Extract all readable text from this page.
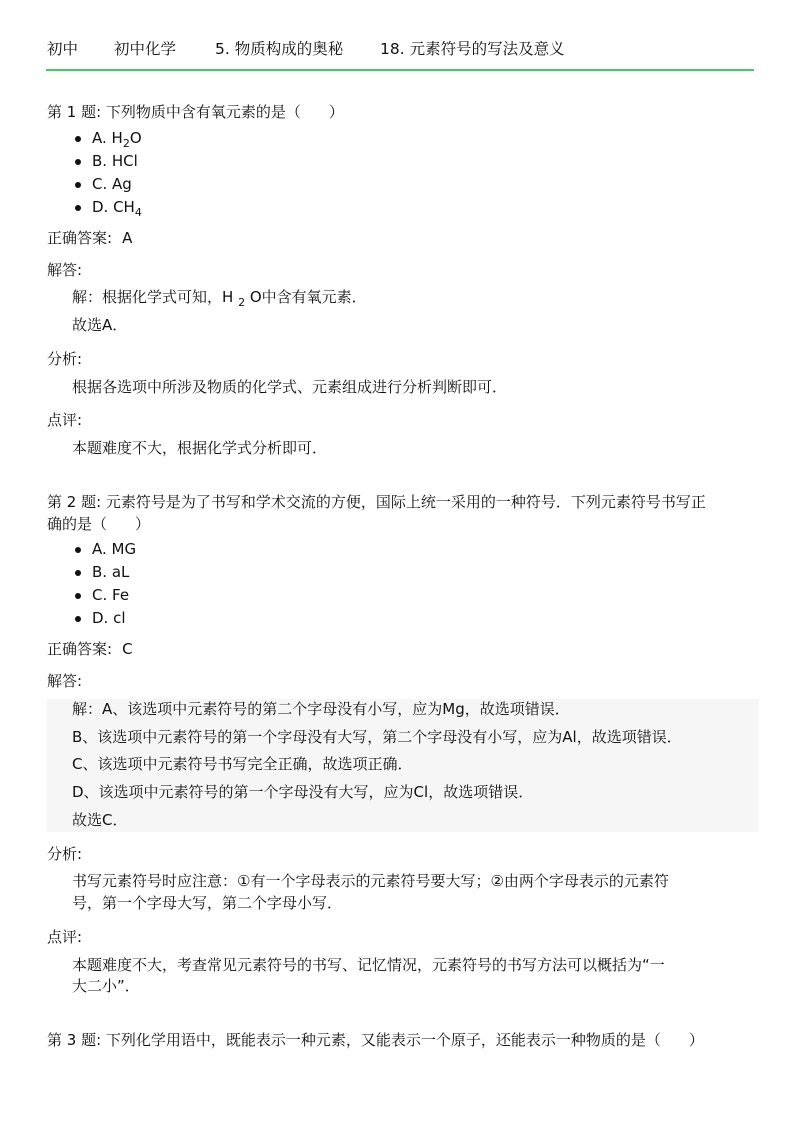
初中	初中化学	5. 物质构成的奥秘	18. 元素符号的写法及意义

第 1 题: 下列物质中含有氧元素的是（ ）

A. $H_2O$
B. HCl
C. Ag
D. $CH_4$

正确答案: A

解答:

解：根据化学式可知，H $_2$ O中含有氧元素．

故选A．

分析:

根据各选项中所涉及物质的化学式、元素组成进行分析判断即可．

点评:

本题难度不大，根据化学式分析即可．

第 2 题: 元素符号是为了书写和学术交流的方便，国际上统一采用的一种符号．下列元素符号书写正
确的是（ ）

A. MG
B. aL
C. Fe
D. cl

正确答案: C

解答:

解：A、该选项中元素符号的第二个字母没有小写，应为Mg，故选项错误．

B、该选项中元素符号的第一个字母没有大写，第二个字母没有小写，应为Al，故选项错误．

C、该选项中元素符号书写完全正确，故选项正确．

D、该选项中元素符号的第一个字母没有大写，应为Cl，故选项错误．

故选C．

分析:

书写元素符号时应注意：①有一个字母表示的元素符号要大写；②由两个字母表示的元素符
号，第一个字母大写，第二个字母小写．

点评:

本题难度不大，考查常见元素符号的书写、记忆情况，元素符号的书写方法可以概括为“一
大二小”．

第 3 题: 下列化学用语中，既能表示一种元素，又能表示一个原子，还能表示一种物质的是（ ）
